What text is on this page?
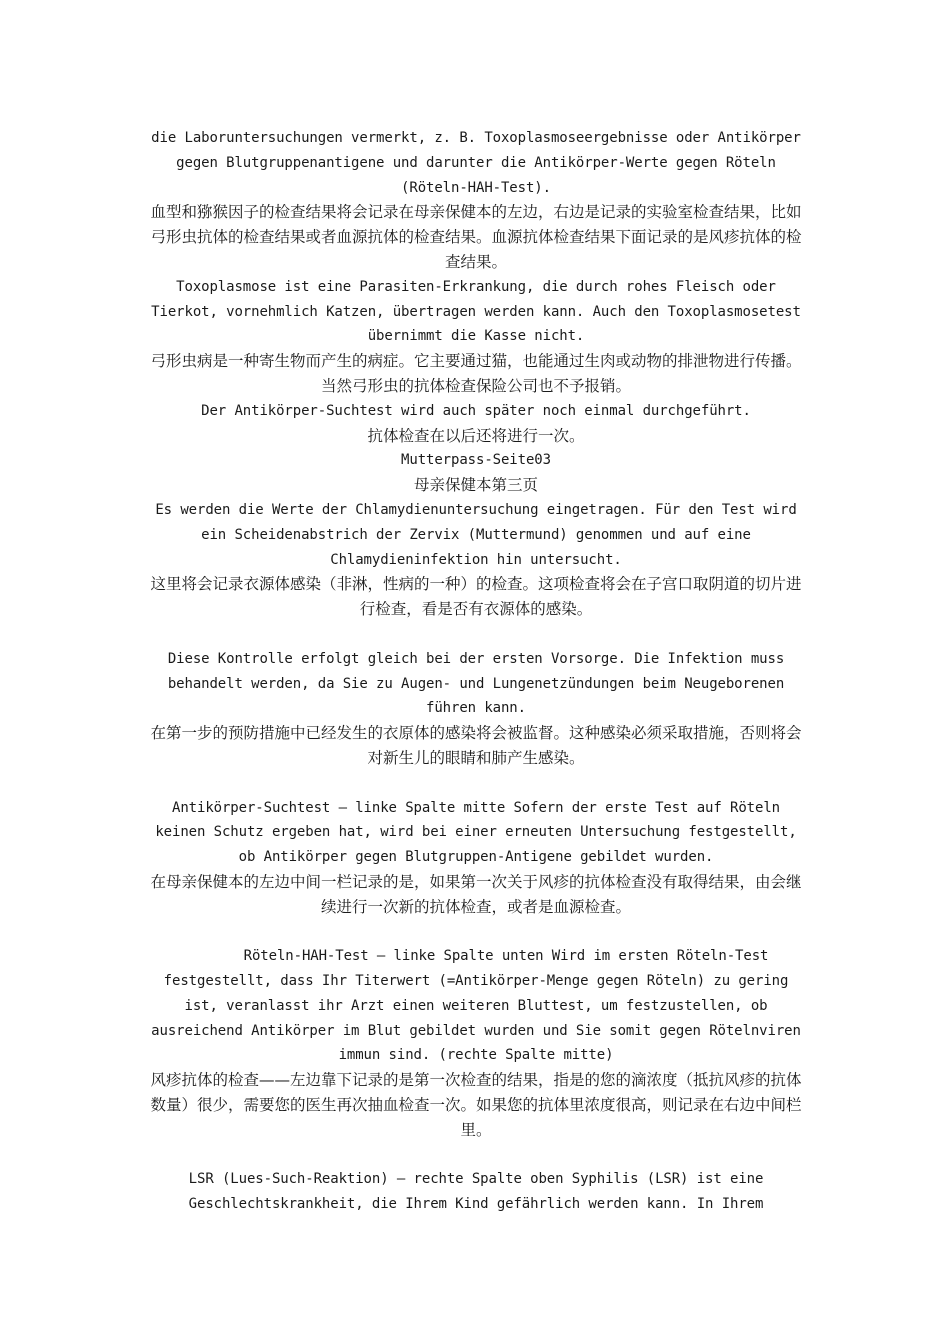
die Laboruntersuchungen vermerkt, z. B. Toxoplasmoseergebnisse oder Antikörper gegen Blutgruppenantigene und darunter die Antikörper-Werte gegen Röteln (Röteln-HAH-Test).

血型和猕猴因子的检查结果将会记录在母亲保健本的左边，右边是记录的实验室检查结果，比如弓形虫抗体的检查结果或者血源抗体的检查结果。血源抗体检查结果下面记录的是风疹抗体的检查结果。

Toxoplasmose ist eine Parasiten-Erkrankung, die durch rohes Fleisch oder Tierkot, vornehmlich Katzen, übertragen werden kann. Auch den Toxoplasmosetest übernimmt die Kasse nicht.

弓形虫病是一种寄生物而产生的病症。它主要通过猫，也能通过生肉或动物的排泄物进行传播。当然弓形虫的抗体检查保险公司也不予报销。

Der Antikörper-Suchtest wird auch später noch einmal durchgeführt.

抗体检查在以后还将进行一次。

Mutterpass-Seite03

母亲保健本第三页

Es werden die Werte der Chlamydienuntersuchung eingetragen. Für den Test wird ein Scheidenabstrich der Zervix (Muttermund) genommen und auf eine Chlamydieninfektion hin untersucht.

这里将会记录衣源体感染（非淋，性病的一种）的检查。这项检查将会在子宫口取阴道的切片进行检查，看是否有衣源体的感染。

Diese Kontrolle erfolgt gleich bei der ersten Vorsorge. Die Infektion muss behandelt werden, da Sie zu Augen- und Lungenetzündungen beim Neugeborenen führen kann.

在第一步的预防措施中已经发生的衣原体的感染将会被监督。这种感染必须采取措施，否则将会对新生儿的眼睛和肺产生感染。

Antikörper-Suchtest – linke Spalte mitte Sofern der erste Test auf Röteln keinen Schutz ergeben hat, wird bei einer erneuten Untersuchung festgestellt, ob Antikörper gegen Blutgruppen-Antigene gebildet wurden.

在母亲保健本的左边中间一栏记录的是，如果第一次关于风疹的抗体检查没有取得结果，由会继续进行一次新的抗体检查，或者是血源检查。

Röteln-HAH-Test – linke Spalte unten Wird im ersten Röteln-Test festgestellt, dass Ihr Titerwert (=Antikörper-Menge gegen Röteln) zu gering ist, veranlasst ihr Arzt einen weiteren Bluttest, um festzustellen, ob ausreichend Antikörper im Blut gebildet wurden und Sie somit gegen Rötelnviren immun sind. (rechte Spalte mitte)

风疹抗体的检查——左边靠下记录的是第一次检查的结果，指是的您的滴浓度（抵抗风疹的抗体数量）很少，需要您的医生再次抽血检查一次。如果您的抗体里浓度很高，则记录在右边中间栏里。

LSR (Lues-Such-Reaktion) – rechte Spalte oben Syphilis (LSR) ist eine Geschlechtskrankheit, die Ihrem Kind gefährlich werden kann. In Ihrem
